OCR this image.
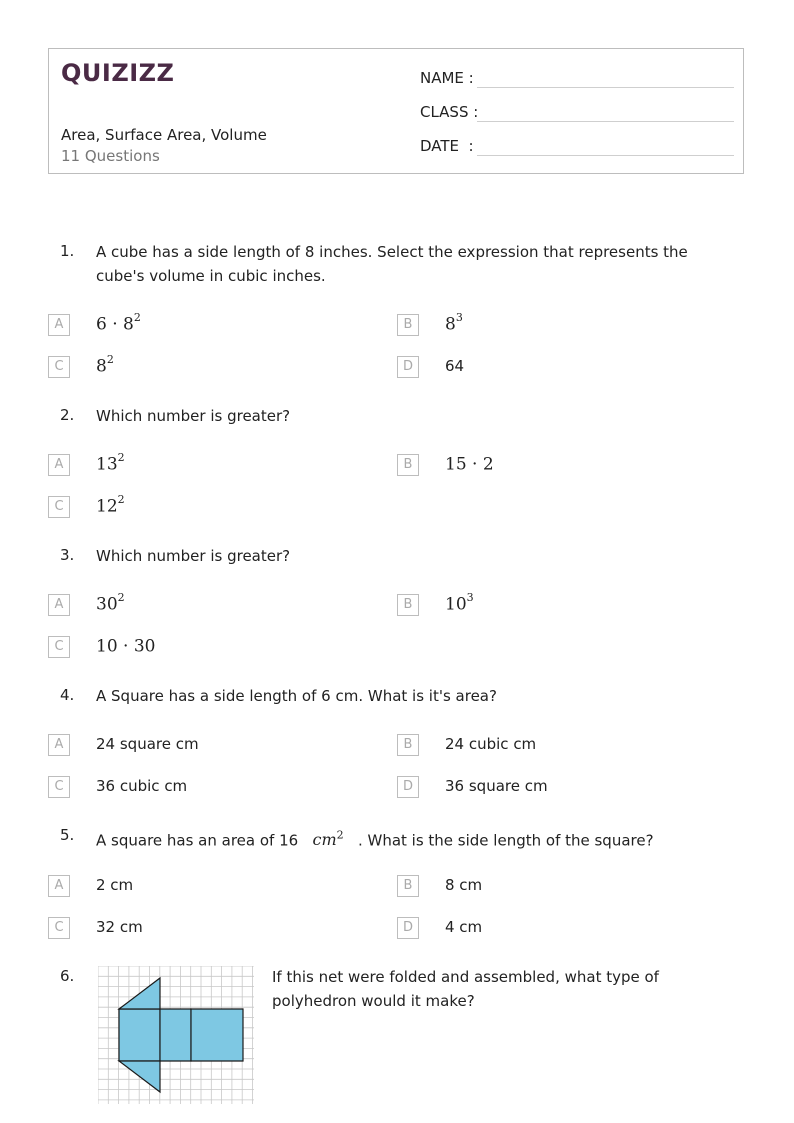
QUIZIZZ
Area, Surface Area, Volume
11 Questions
NAME :
CLASS :
DATE  :
1. A cube has a side length of 8 inches. Select the expression that represents the cube's volume in cubic inches.
A	$6 \cdot 8^2$	B	$8^3$
C	$8^2$	D	64
2. Which number is greater?
A	$13^2$	B	15 · 2
C	$12^2$
3. Which number is greater?
A	$30^2$	B	$10^3$
C	10 · 30
4. A Square has a side length of 6 cm. What is it's area?
A	24 square cm	B	24 cubic cm
C	36 cubic cm	D	36 square cm
5. A square has an area of 16 $cm^2$ . What is the side length of the square?
A	2 cm	B	8 cm
C	32 cm	D	4 cm
6.	If this net were folded and assembled, what type of polyhedron would it make?
